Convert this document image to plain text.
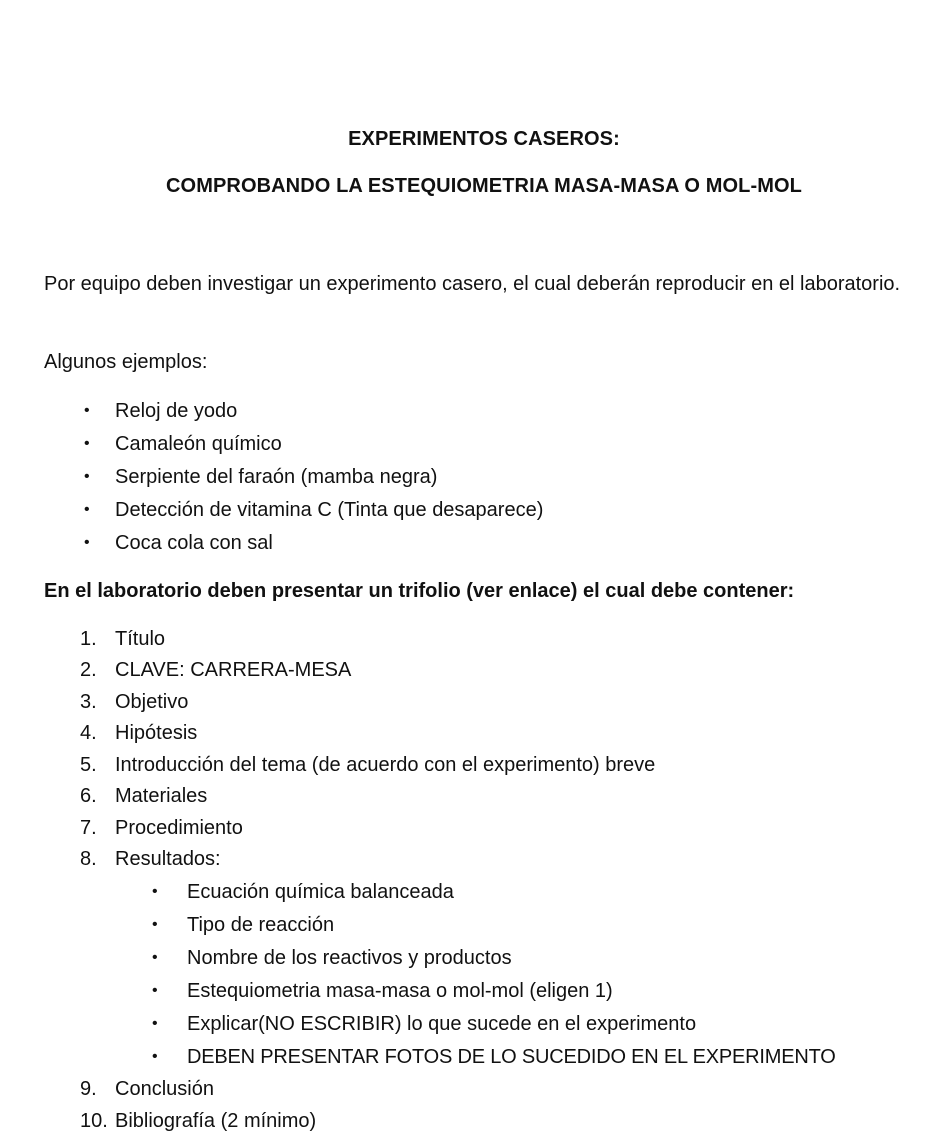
EXPERIMENTOS CASEROS:
COMPROBANDO LA ESTEQUIOMETRIA MASA-MASA O MOL-MOL
Por equipo deben investigar un experimento casero, el cual deberán reproducir en el laboratorio.
Algunos ejemplos:
• Reloj de yodo
• Camaleón químico
• Serpiente del faraón (mamba negra)
• Detección de vitamina C (Tinta que desaparece)
• Coca cola con sal
En el laboratorio deben presentar un trifolio (ver enlace) el cual debe contener:
1. Título
2. CLAVE: CARRERA-MESA
3. Objetivo
4. Hipótesis
5. Introducción del tema (de acuerdo con el experimento) breve
6. Materiales
7. Procedimiento
8. Resultados:
• Ecuación química balanceada
• Tipo de reacción
• Nombre de los reactivos y productos
• Estequiometria masa-masa o mol-mol (eligen 1)
• Explicar(NO ESCRIBIR) lo que sucede en el experimento
• DEBEN PRESENTAR FOTOS DE LO SUCEDIDO EN EL EXPERIMENTO
9. Conclusión
10. Bibliografía (2 mínimo)
